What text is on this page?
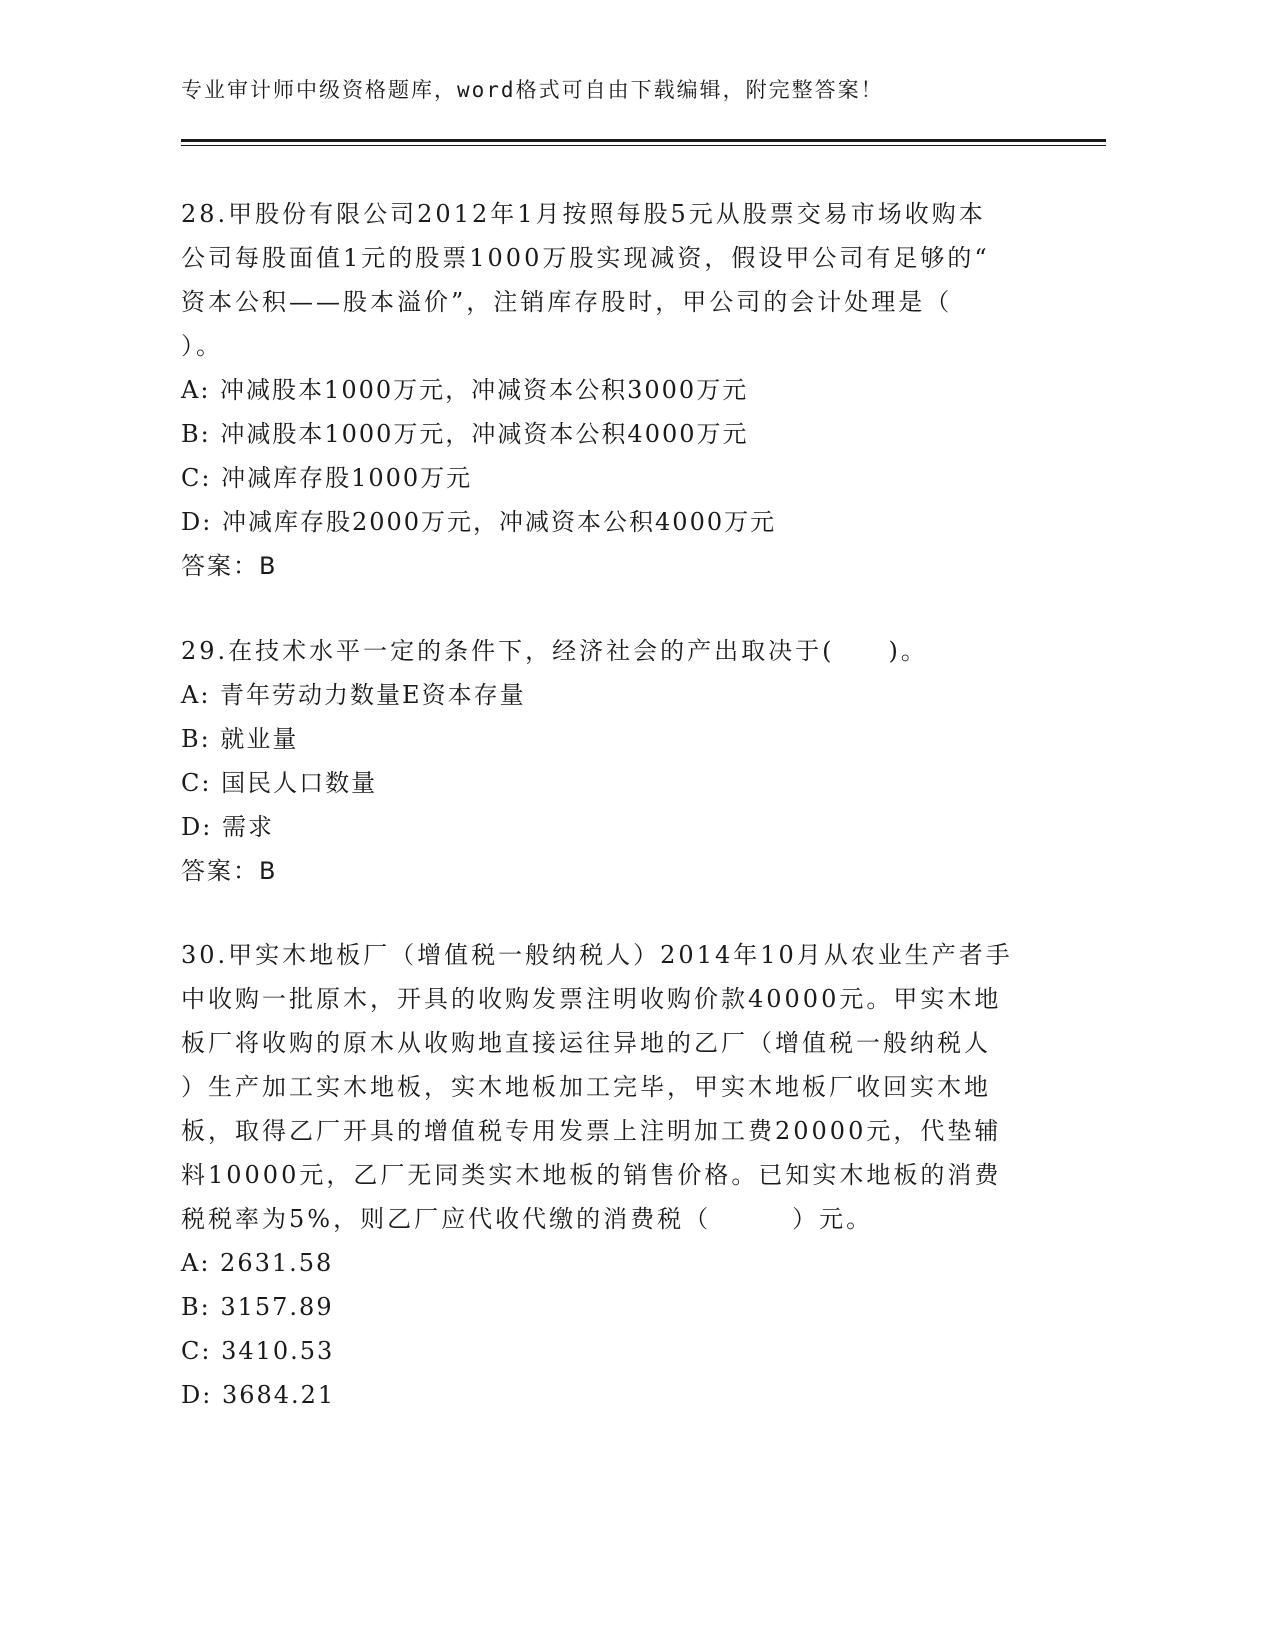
专业审计师中级资格题库，word格式可自由下载编辑，附完整答案！

28.甲股份有限公司2012年1月按照每股5元从股票交易市场收购本
公司每股面值1元的股票1000万股实现减资，假设甲公司有足够的“
资本公积——股本溢价”，注销库存股时，甲公司的会计处理是（
）。

A: 冲减股本1000万元，冲减资本公积3000万元

B: 冲减股本1000万元，冲减资本公积4000万元

C: 冲减库存股1000万元

D: 冲减库存股2000万元，冲减资本公积4000万元

答案：B

29.在技术水平一定的条件下，经济社会的产出取决于(　　)。

A: 青年劳动力数量E资本存量

B: 就业量

C: 国民人口数量

D: 需求

答案：B

30.甲实木地板厂（增值税一般纳税人）2014年10月从农业生产者手
中收购一批原木，开具的收购发票注明收购价款40000元。甲实木地
板厂将收购的原木从收购地直接运往异地的乙厂（增值税一般纳税人
）生产加工实木地板，实木地板加工完毕，甲实木地板厂收回实木地
板，取得乙厂开具的增值税专用发票上注明加工费20000元，代垫辅
料10000元，乙厂无同类实木地板的销售价格。已知实木地板的消费
税税率为5%，则乙厂应代收代缴的消费税（　　　）元。

A: 2631.58

B: 3157.89

C: 3410.53

D: 3684.21
